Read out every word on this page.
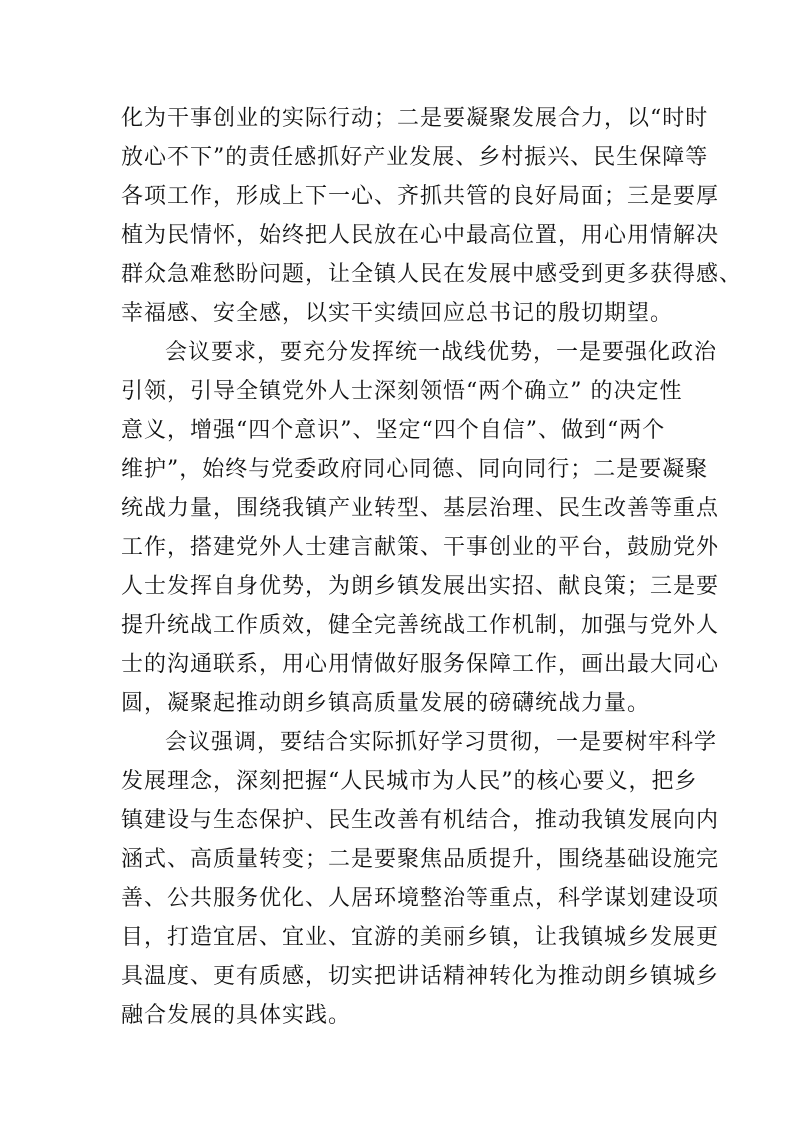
化为干事创业的实际行动；二是要凝聚发展合力，以“时时
放心不下”的责任感抓好产业发展、乡村振兴、民生保障等
各项工作，形成上下一心、齐抓共管的良好局面；三是要厚
植为民情怀，始终把人民放在心中最高位置，用心用情解决
群众急难愁盼问题，让全镇人民在发展中感受到更多获得感、
幸福感、安全感，以实干实绩回应总书记的殷切期望。
会议要求，要充分发挥统一战线优势，一是要强化政治
引领，引导全镇党外人士深刻领悟“两个确立” 的决定性
意义，增强“四个意识”、坚定“四个自信”、做到“两个
维护”，始终与党委政府同心同德、同向同行；二是要凝聚
统战力量，围绕我镇产业转型、基层治理、民生改善等重点
工作，搭建党外人士建言献策、干事创业的平台，鼓励党外
人士发挥自身优势，为朗乡镇发展出实招、献良策；三是要
提升统战工作质效，健全完善统战工作机制，加强与党外人
士的沟通联系，用心用情做好服务保障工作，画出最大同心
圆，凝聚起推动朗乡镇高质量发展的磅礴统战力量。
会议强调，要结合实际抓好学习贯彻，一是要树牢科学
发展理念，深刻把握“人民城市为人民”的核心要义，把乡
镇建设与生态保护、民生改善有机结合，推动我镇发展向内
涵式、高质量转变；二是要聚焦品质提升，围绕基础设施完
善、公共服务优化、人居环境整治等重点，科学谋划建设项
目，打造宜居、宜业、宜游的美丽乡镇，让我镇城乡发展更
具温度、更有质感，切实把讲话精神转化为推动朗乡镇城乡
融合发展的具体实践。
